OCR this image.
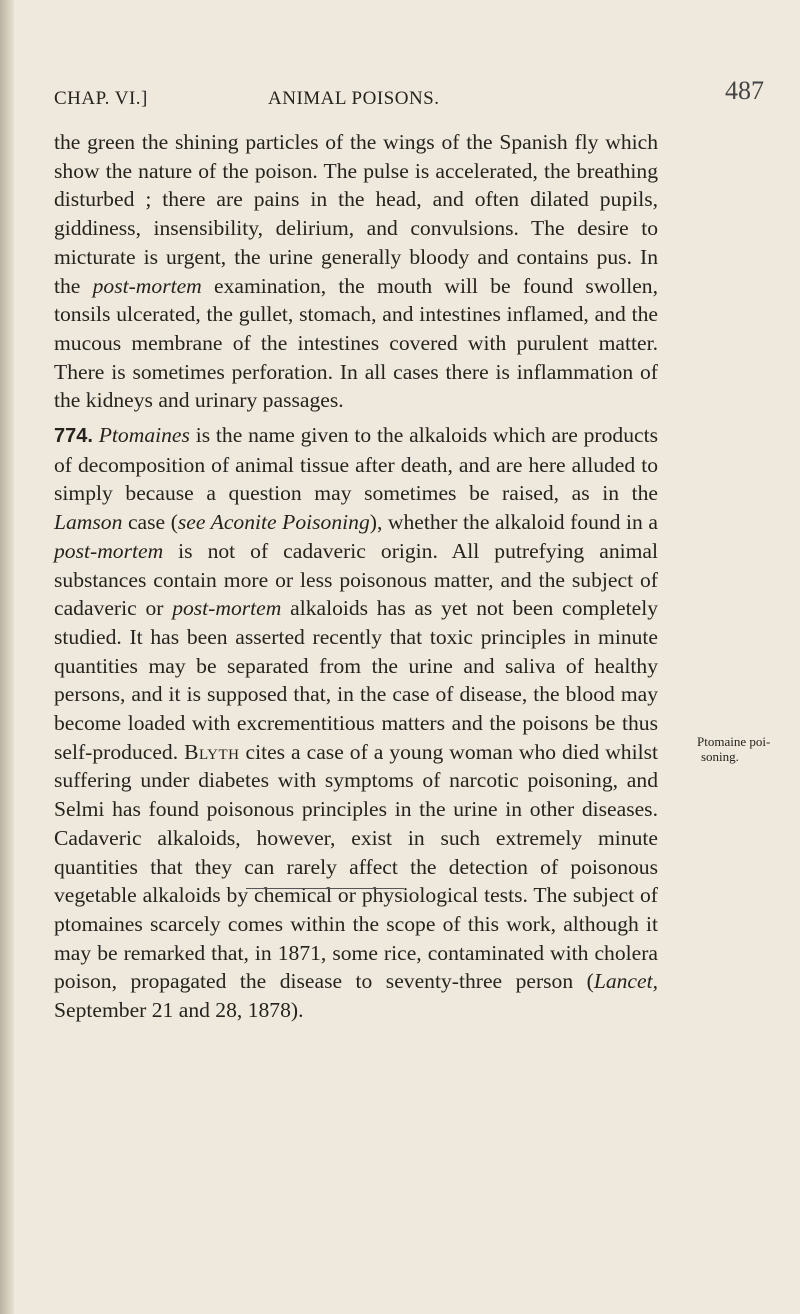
CHAP. VI.]	ANIMAL POISONS.	487

the green the shining particles of the wings of the Spanish fly which show the nature of the poison. The pulse is accelerated, the breathing disturbed ; there are pains in the head, and often dilated pupils, giddiness, insensibility, delirium, and convulsions. The desire to micturate is urgent, the urine generally bloody and contains pus. In the post-mortem examination, the mouth will be found swollen, tonsils ulcerated, the gullet, stomach, and intestines inflamed, and the mucous membrane of the intestines covered with purulent matter. There is sometimes perforation. In all cases there is inflammation of the kidneys and urinary passages.

774. Ptomaines is the name given to the alkaloids which are products of decomposition of animal tissue after death, and are here alluded to simply because a question may sometimes be raised, as in the Lamson case (see Aconite Poisoning), whether the alkaloid found in a post-mortem is not of cadaveric origin. All putrefying animal substances contain more or less poisonous matter, and the subject of cadaveric or post-mortem alkaloids has as yet not been completely studied. It has been asserted recently that toxic principles in minute quantities may be separated from the urine and saliva of healthy persons, and it is supposed that, in the case of disease, the blood may become loaded with excrementitious matters and the poisons be thus self-produced. Blyth cites a case of a young woman who died whilst suffering under diabetes with symptoms of narcotic poisoning, and Selmi has found poisonous principles in the urine in other diseases. Cadaveric alkaloids, however, exist in such extremely minute quantities that they can rarely affect the detection of poisonous vegetable alkaloids by chemical or physiological tests. The subject of ptomaines scarcely comes within the scope of this work, although it may be remarked that, in 1871, some rice, contaminated with cholera poison, propagated the disease to seventy-three person (Lancet, September 21 and 28, 1878).

Ptomaine poi-
soning.
